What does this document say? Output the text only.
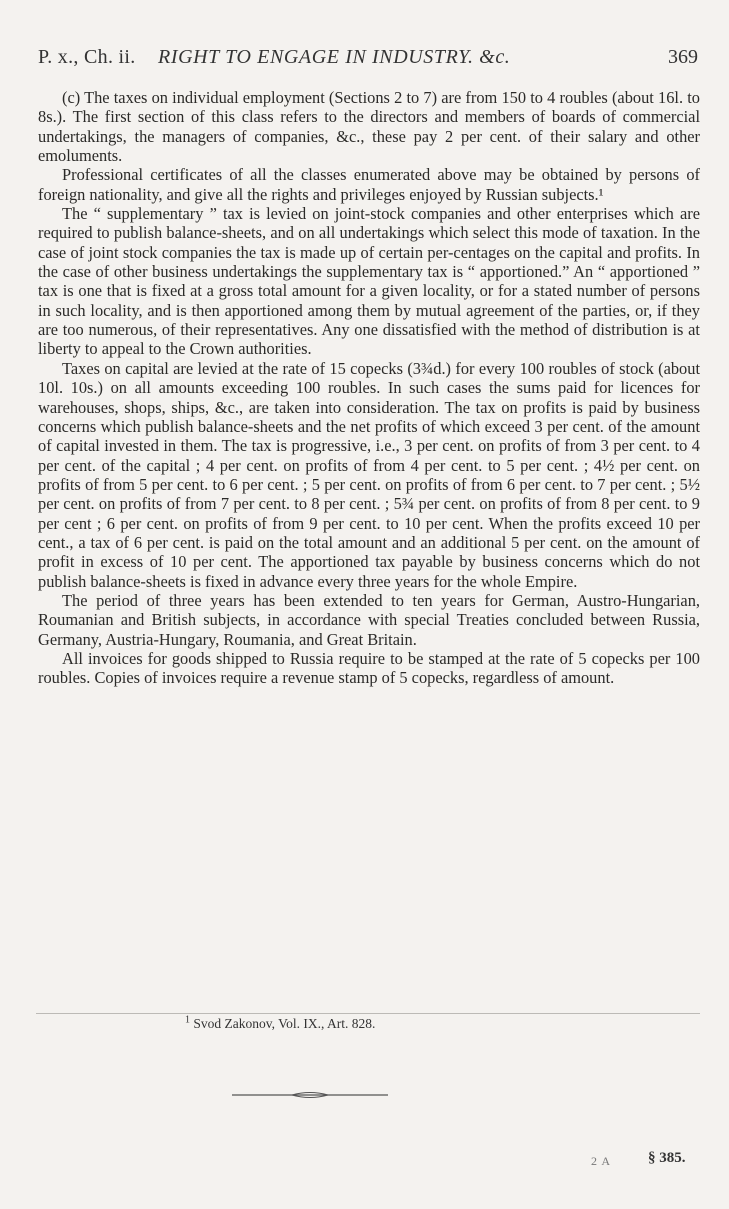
P. x., Ch. ii. RIGHT TO ENGAGE IN INDUSTRY. &c.	369

(c) The taxes on individual employment (Sections 2 to 7) are from 150 to 4 roubles (about 16l. to 8s.). The first section of this class refers to the directors and members of boards of commercial undertakings, the managers of companies, &c., these pay 2 per cent. of their salary and other emoluments.

Professional certificates of all the classes enumerated above may be obtained by persons of foreign nationality, and give all the rights and privileges enjoyed by Russian subjects.¹

The “ supplementary ” tax is levied on joint-stock companies and other enterprises which are required to publish balance-sheets, and on all undertakings which select this mode of taxation. In the case of joint stock companies the tax is made up of certain per-centages on the capital and profits. In the case of other business undertakings the supplementary tax is “ apportioned.” An “ apportioned ” tax is one that is fixed at a gross total amount for a given locality, or for a stated number of persons in such locality, and is then apportioned among them by mutual agreement of the parties, or, if they are too numerous, of their representatives. Any one dissatisfied with the method of distribution is at liberty to appeal to the Crown authorities.

Taxes on capital are levied at the rate of 15 copecks (3¾d.) for every 100 roubles of stock (about 10l. 10s.) on all amounts exceeding 100 roubles. In such cases the sums paid for licences for warehouses, shops, ships, &c., are taken into consideration. The tax on profits is paid by business concerns which publish balance-sheets and the net profits of which exceed 3 per cent. of the amount of capital invested in them. The tax is progressive, i.e., 3 per cent. on profits of from 3 per cent. to 4 per cent. of the capital ; 4 per cent. on profits of from 4 per cent. to 5 per cent. ; 4½ per cent. on profits of from 5 per cent. to 6 per cent. ; 5 per cent. on profits of from 6 per cent. to 7 per cent. ; 5½ per cent. on profits of from 7 per cent. to 8 per cent. ; 5¾ per cent. on profits of from 8 per cent. to 9 per cent ; 6 per cent. on profits of from 9 per cent. to 10 per cent. When the profits exceed 10 per cent., a tax of 6 per cent. is paid on the total amount and an additional 5 per cent. on the amount of profit in excess of 10 per cent. The apportioned tax payable by business concerns which do not publish balance-sheets is fixed in advance every three years for the whole Empire.

The period of three years has been extended to ten years for German, Austro-Hungarian, Roumanian and British subjects, in accordance with special Treaties concluded between Russia, Germany, Austria-Hungary, Roumania, and Great Britain.

All invoices for goods shipped to Russia require to be stamped at the rate of 5 copecks per 100 roubles. Copies of invoices require a revenue stamp of 5 copecks, regardless of amount.

$^1$ Svod Zakonov, Vol. IX., Art. 828.
2 A § 385.
